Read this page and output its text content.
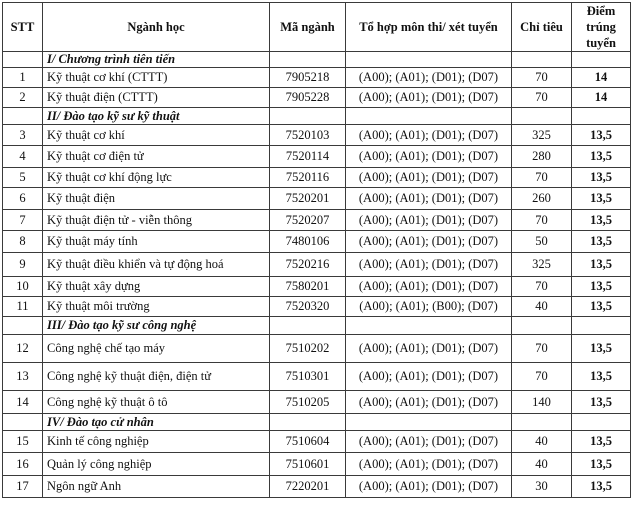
STT	Ngành học	Mã ngành	Tổ hợp môn thi/ xét tuyển	Chỉ tiêu	Điểm trúng tuyển
	I/ Chương trình tiên tiến				
1	Kỹ thuật cơ khí (CTTT)	7905218	(A00); (A01); (D01); (D07)	70	14
2	Kỹ thuật điện (CTTT)	7905228	(A00); (A01); (D01); (D07)	70	14
	II/ Đào tạo kỹ sư kỹ thuật				
3	Kỹ thuật cơ khí	7520103	(A00); (A01); (D01); (D07)	325	13,5
4	Kỹ thuật cơ điện tử	7520114	(A00); (A01); (D01); (D07)	280	13,5
5	Kỹ thuật cơ khí động lực	7520116	(A00); (A01); (D01); (D07)	70	13,5
6	Kỹ thuật điện	7520201	(A00); (A01); (D01); (D07)	260	13,5
7	Kỹ thuật điện tử - viễn thông	7520207	(A00); (A01); (D01); (D07)	70	13,5
8	Kỹ thuật máy tính	7480106	(A00); (A01); (D01); (D07)	50	13,5
9	Kỹ thuật điều khiển và tự động hoá	7520216	(A00); (A01); (D01); (D07)	325	13,5
10	Kỹ thuật xây dựng	7580201	(A00); (A01); (D01); (D07)	70	13,5
11	Kỹ thuật môi trường	7520320	(A00); (A01); (B00); (D07)	40	13,5
	III/ Đào tạo kỹ sư công nghệ				
12	Công nghệ chế tạo máy	7510202	(A00); (A01); (D01); (D07)	70	13,5
13	Công nghệ kỹ thuật điện, điện tử	7510301	(A00); (A01); (D01); (D07)	70	13,5
14	Công nghệ kỹ thuật ô tô	7510205	(A00); (A01); (D01); (D07)	140	13,5
	IV/ Đào tạo cử nhân				
15	Kinh tế công nghiệp	7510604	(A00); (A01); (D01); (D07)	40	13,5
16	Quản lý công nghiệp	7510601	(A00); (A01); (D01); (D07)	40	13,5
17	Ngôn ngữ Anh	7220201	(A00); (A01); (D01); (D07)	30	13,5
